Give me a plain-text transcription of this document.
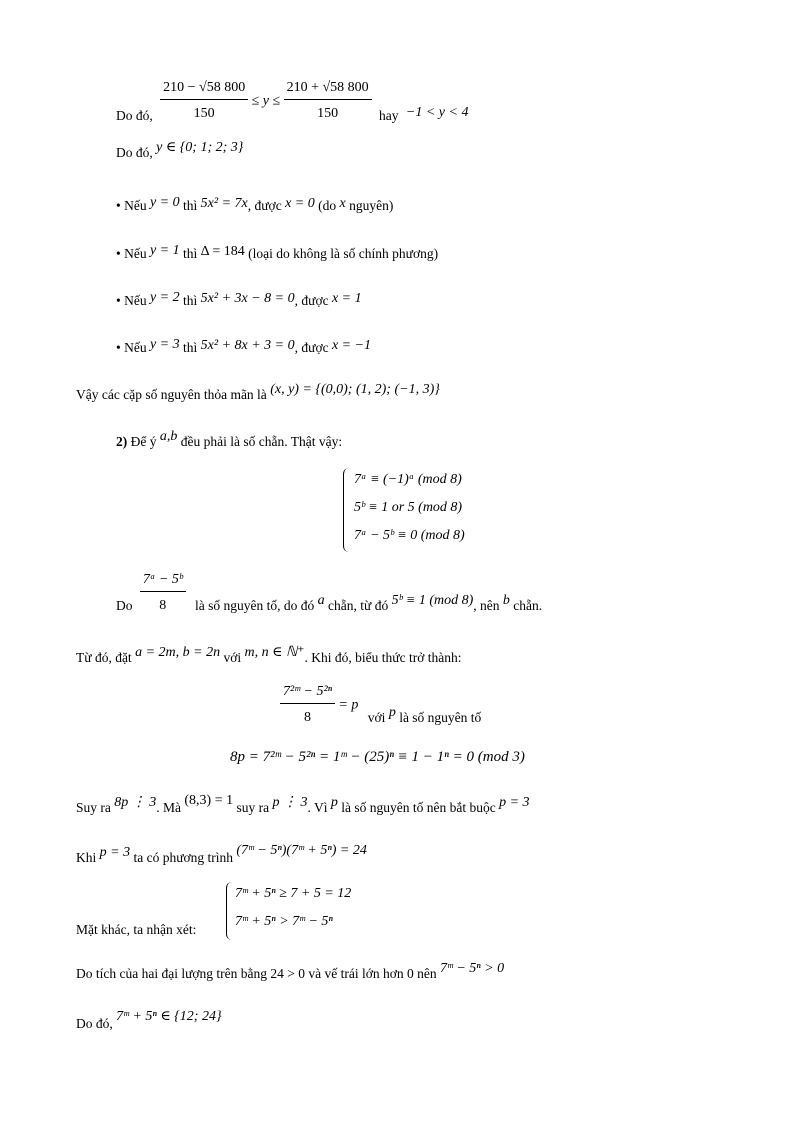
Do đó, $\frac{210 - √58 800}{150} \le y \le \frac{210 + √58 800}{150}$ hay −1 < y < 4
Do đó, y ∈ {0; 1; 2; 3}
• Nếu y = 0 thì 5x² = 7x, được x = 0 (do x nguyên)
• Nếu y = 1 thì Δ = 184 (loại do không là số chính phương)
• Nếu y = 2 thì 5x² + 3x − 8 = 0, được x = 1
• Nếu y = 3 thì 5x² + 8x + 3 = 0, được x = −1
Vậy các cặp số nguyên thỏa mãn là (x, y) = {(0,0); (1, 2); (−1, 3)}
2) Để ý a,b đều phải là số chẵn. Thật vậy:
7ᵃ ≡ (−1)ᵃ (mod 8)
5ᵇ ≡ 1 or 5 (mod 8)
7ᵃ − 5ᵇ ≡ 0 (mod 8)
Do $\frac{\text{7ᵃ − 5ᵇ}}{8}$ là số nguyên tố, do đó a chẵn, từ đó 5ᵇ ≡ 1 (mod 8), nên b chẵn.
Từ đó, đặt a = 2m, b = 2n với m, n ∈ ℕ⁺. Khi đó, biểu thức trở thành:
$\frac{\text{7²ᵐ − 5²ⁿ}}{8} = p$ với p là số nguyên tố
8p = 7²ᵐ − 5²ⁿ = 1ᵐ − (25)ⁿ ≡ 1 − 1ⁿ = 0 (mod 3)
Suy ra 8p ⋮ 3. Mà (8,3) = 1 suy ra p ⋮ 3. Vì p là số nguyên tố nên bắt buộc p = 3
Khi p = 3 ta có phương trình (7ᵐ − 5ⁿ)(7ᵐ + 5ⁿ) = 24
Mặt khác, ta nhận xét:
7ᵐ + 5ⁿ ≥ 7 + 5 = 12
7ᵐ + 5ⁿ > 7ᵐ − 5ⁿ
Do tích của hai đại lượng trên bằng 24 > 0 và vế trái lớn hơn 0 nên 7ᵐ − 5ⁿ > 0
Do đó, 7ᵐ + 5ⁿ ∈ {12; 24}
